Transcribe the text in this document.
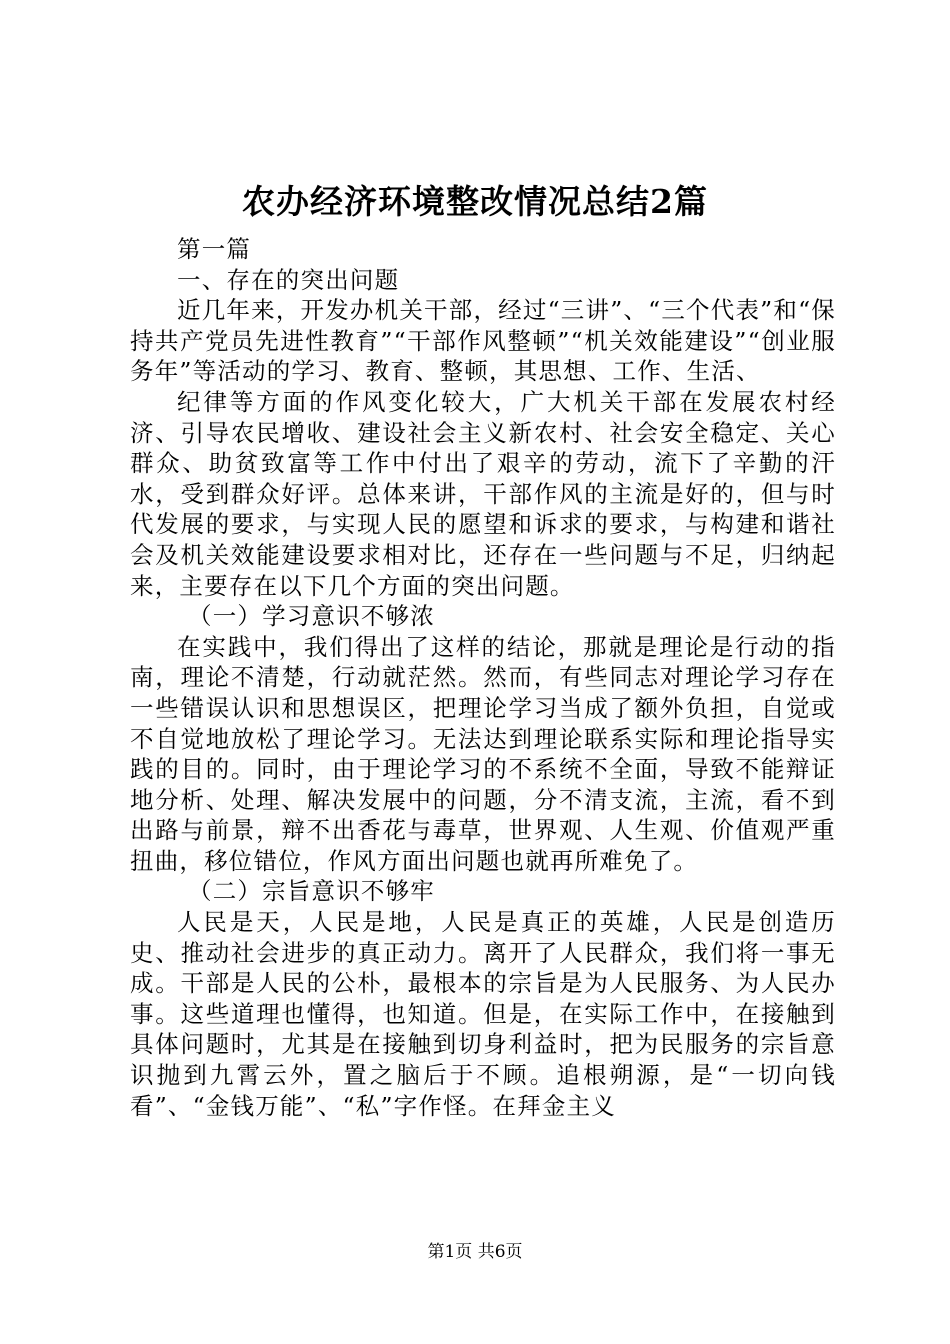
农办经济环境整改情况总结2篇

第一篇

一、存在的突出问题

近几年来，开发办机关干部，经过“三讲”、“三个代表”和“保持共产党员先进性教育”“干部作风整顿”“机关效能建设”“创业服务年”等活动的学习、教育、整顿，其思想、工作、生活、

纪律等方面的作风变化较大，广大机关干部在发展农村经济、引导农民增收、建设社会主义新农村、社会安全稳定、关心群众、助贫致富等工作中付出了艰辛的劳动，流下了辛勤的汗水，受到群众好评。总体来讲，干部作风的主流是好的，但与时代发展的要求，与实现人民的愿望和诉求的要求，与构建和谐社会及机关效能建设要求相对比，还存在一些问题与不足，归纳起来，主要存在以下几个方面的突出问题。

（一）学习意识不够浓

在实践中，我们得出了这样的结论，那就是理论是行动的指南，理论不清楚，行动就茫然。然而，有些同志对理论学习存在一些错误认识和思想误区，把理论学习当成了额外负担，自觉或不自觉地放松了理论学习。无法达到理论联系实际和理论指导实践的目的。同时，由于理论学习的不系统不全面，导致不能辩证地分析、处理、解决发展中的问题，分不清支流，主流，看不到出路与前景，辩不出香花与毒草，世界观、人生观、价值观严重扭曲，移位错位，作风方面出问题也就再所难免了。

（二）宗旨意识不够牢

人民是天，人民是地，人民是真正的英雄，人民是创造历史、推动社会进步的真正动力。离开了人民群众，我们将一事无成。干部是人民的公朴，最根本的宗旨是为人民服务、为人民办事。这些道理也懂得，也知道。但是，在实际工作中，在接触到具体问题时，尤其是在接触到切身利益时，把为民服务的宗旨意识抛到九霄云外，置之脑后于不顾。追根朔源，是“一切向钱看”、“金钱万能”、“私”字作怪。在拜金主义

第1页 共6页
